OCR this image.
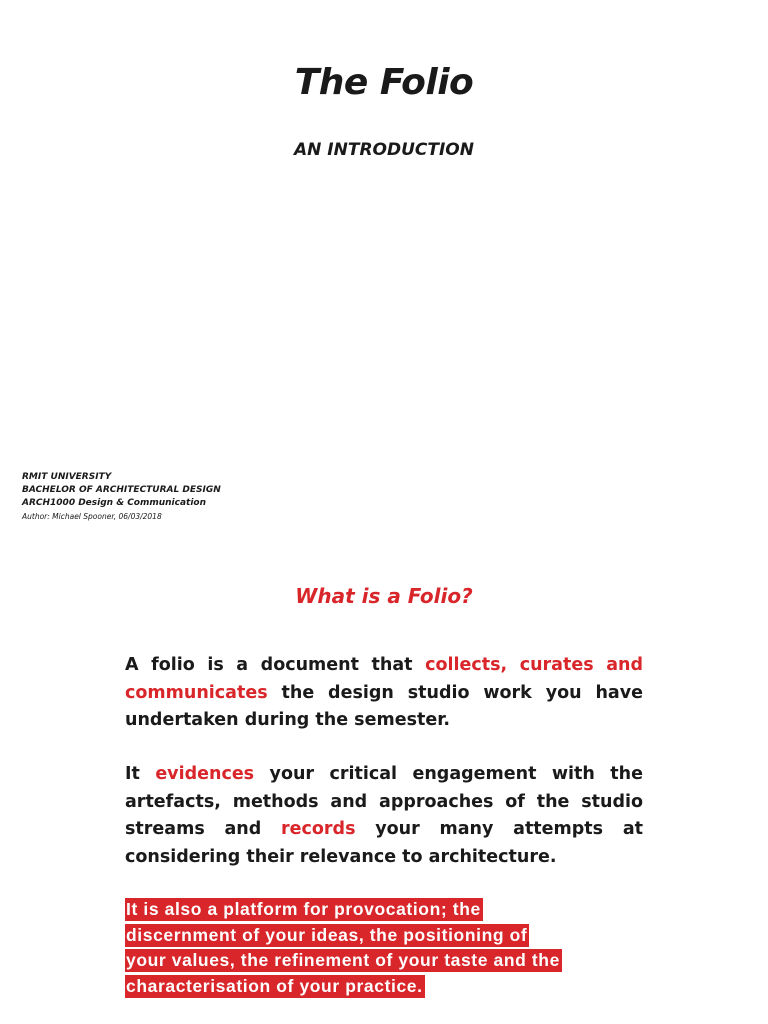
The Folio
AN INTRODUCTION
RMIT UNIVERSITY
BACHELOR OF ARCHITECTURAL DESIGN
ARCH1000 Design & Communication
Author: Michael Spooner, 06/03/2018
What is a Folio?

A folio is a document that collects, curates and communicates the design studio work you have undertaken during the semester.

It evidences your critical engagement with the artefacts, methods and approaches of the studio streams and records your many attempts at considering their relevance to architecture.

It is also a platform for provocation; the
discernment of your ideas, the positioning of
your values, the refinement of your taste and the
characterisation of your practice.
